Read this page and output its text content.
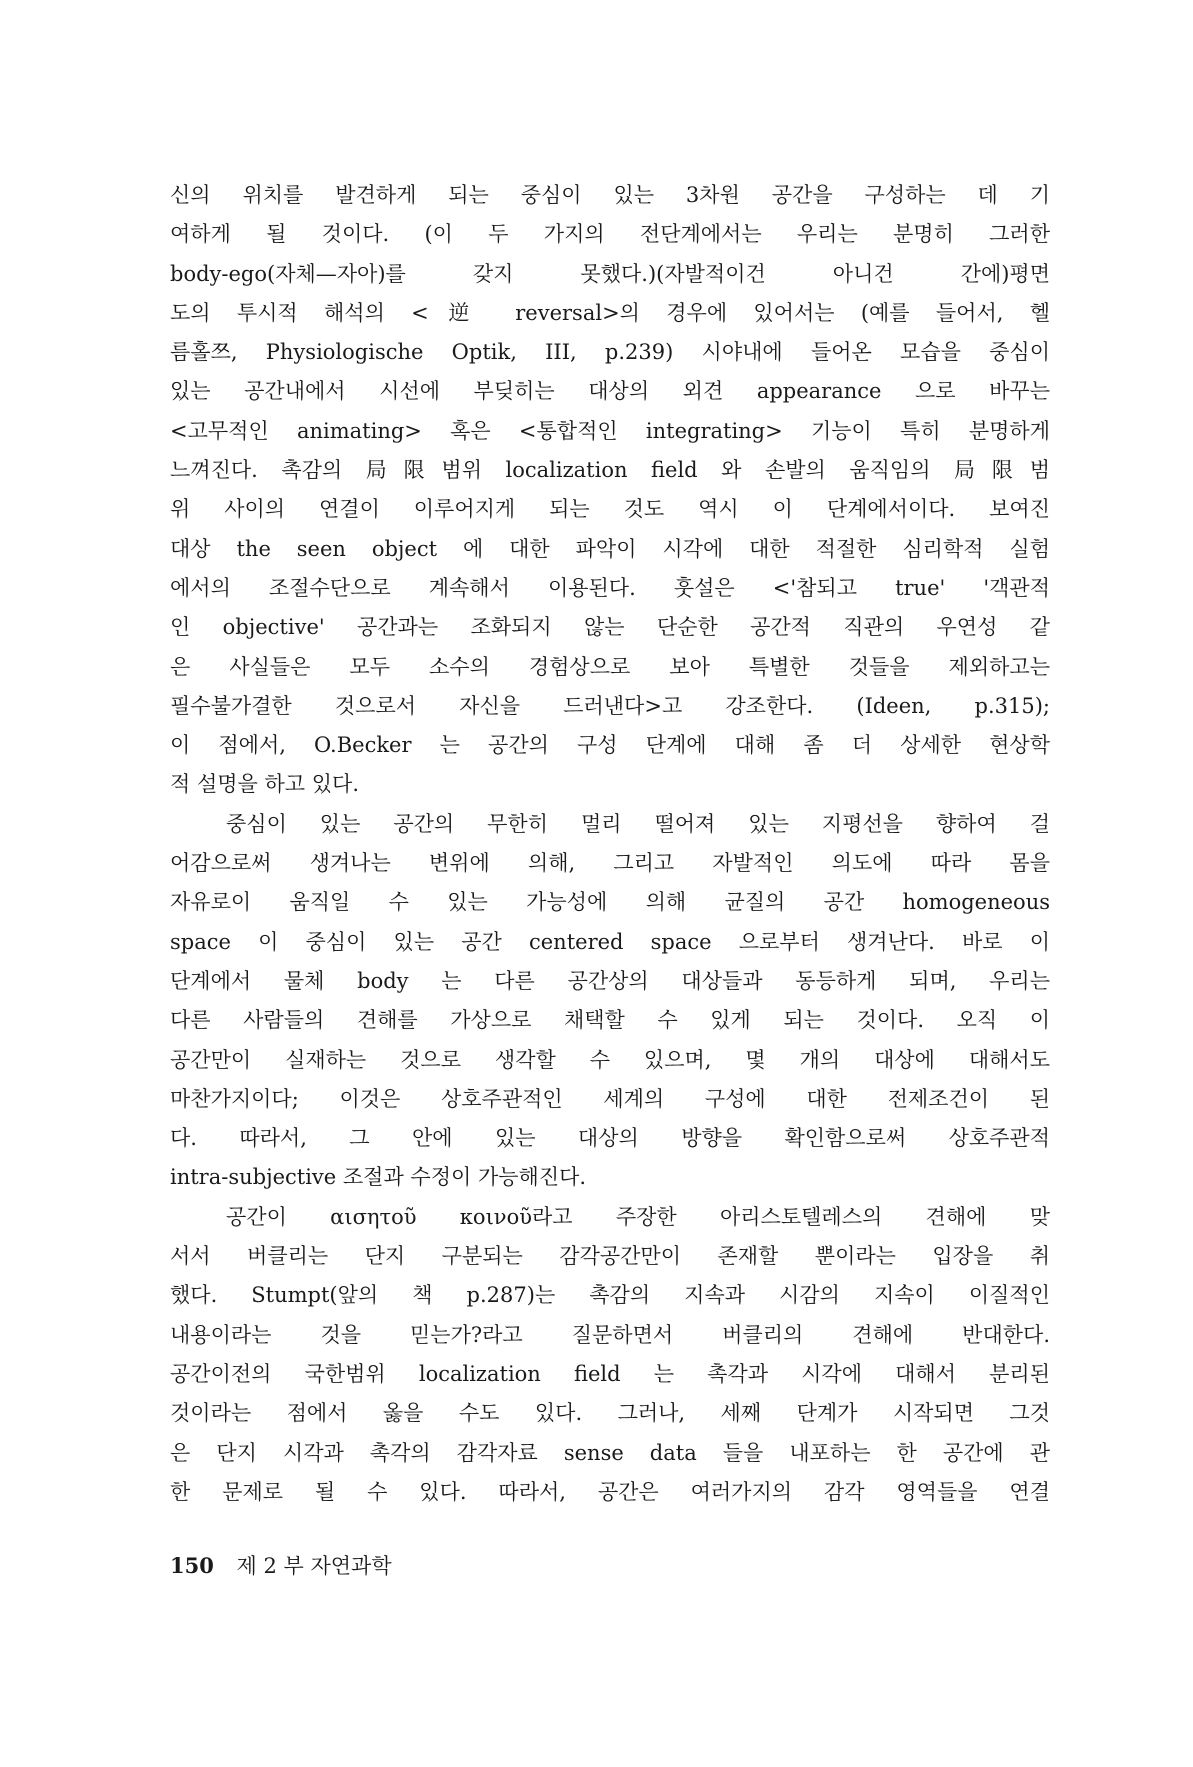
신의 위치를 발견하게 되는 중심이 있는 3차원 공간을 구성하는 데 기
여하게 될 것이다. (이 두 가지의 전단계에서는 우리는 분명히 그러한
body-ego(자체—자아)를 갖지 못했다.)(자발적이건 아니건 간에)평면
도의 투시적 해석의 <逆 reversal>의 경우에 있어서는 (예를 들어서, 헬
름홀쯔, Physiologische Optik, III, p.239) 시야내에 들어온 모습을 중심이
있는 공간내에서 시선에 부딪히는 대상의 외견 appearance 으로 바꾸는
<고무적인 animating> 혹은 <통합적인 integrating> 기능이 특히 분명하게
느껴진다. 촉감의 局限범위 localization field 와 손발의 움직임의 局限범
위 사이의 연결이 이루어지게 되는 것도 역시 이 단계에서이다. 보여진
대상 the seen object 에 대한 파악이 시각에 대한 적절한 심리학적 실험
에서의 조절수단으로 계속해서 이용된다. 훗설은 <'참되고 true' '객관적
인 objective' 공간과는 조화되지 않는 단순한 공간적 직관의 우연성 같
은 사실들은 모두 소수의 경험상으로 보아 특별한 것들을 제외하고는
필수불가결한 것으로서 자신을 드러낸다>고 강조한다. (Ideen, p.315);
이 점에서, O.Becker 는 공간의 구성 단계에 대해 좀 더 상세한 현상학
적 설명을 하고 있다.
중심이 있는 공간의 무한히 멀리 떨어져 있는 지평선을 향하여 걸
어감으로써 생겨나는 변위에 의해, 그리고 자발적인 의도에 따라 몸을
자유로이 움직일 수 있는 가능성에 의해 균질의 공간 homogeneous
space 이 중심이 있는 공간 centered space 으로부터 생겨난다. 바로 이
단계에서 물체 body 는 다른 공간상의 대상들과 동등하게 되며, 우리는
다른 사람들의 견해를 가상으로 채택할 수 있게 되는 것이다. 오직 이
공간만이 실재하는 것으로 생각할 수 있으며, 몇 개의 대상에 대해서도
마찬가지이다; 이것은 상호주관적인 세계의 구성에 대한 전제조건이 된
다. 따라서, 그 안에 있는 대상의 방향을 확인함으로써 상호주관적
intra-subjective 조절과 수정이 가능해진다.
공간이 αισητοῦ κοινοῦ라고 주장한 아리스토텔레스의 견해에 맞
서서 버클리는 단지 구분되는 감각공간만이 존재할 뿐이라는 입장을 취
했다. Stumpt(앞의 책 p.287)는 촉감의 지속과 시감의 지속이 이질적인
내용이라는 것을 믿는가?라고 질문하면서 버클리의 견해에 반대한다.
공간이전의 국한범위 localization field 는 촉각과 시각에 대해서 분리된
것이라는 점에서 옳을 수도 있다. 그러나, 세째 단계가 시작되면 그것
은 단지 시각과 촉각의 감각자료 sense data 들을 내포하는 한 공간에 관
한 문제로 될 수 있다. 따라서, 공간은 여러가지의 감각 영역들을 연결
150 제 2 부 자연과학
